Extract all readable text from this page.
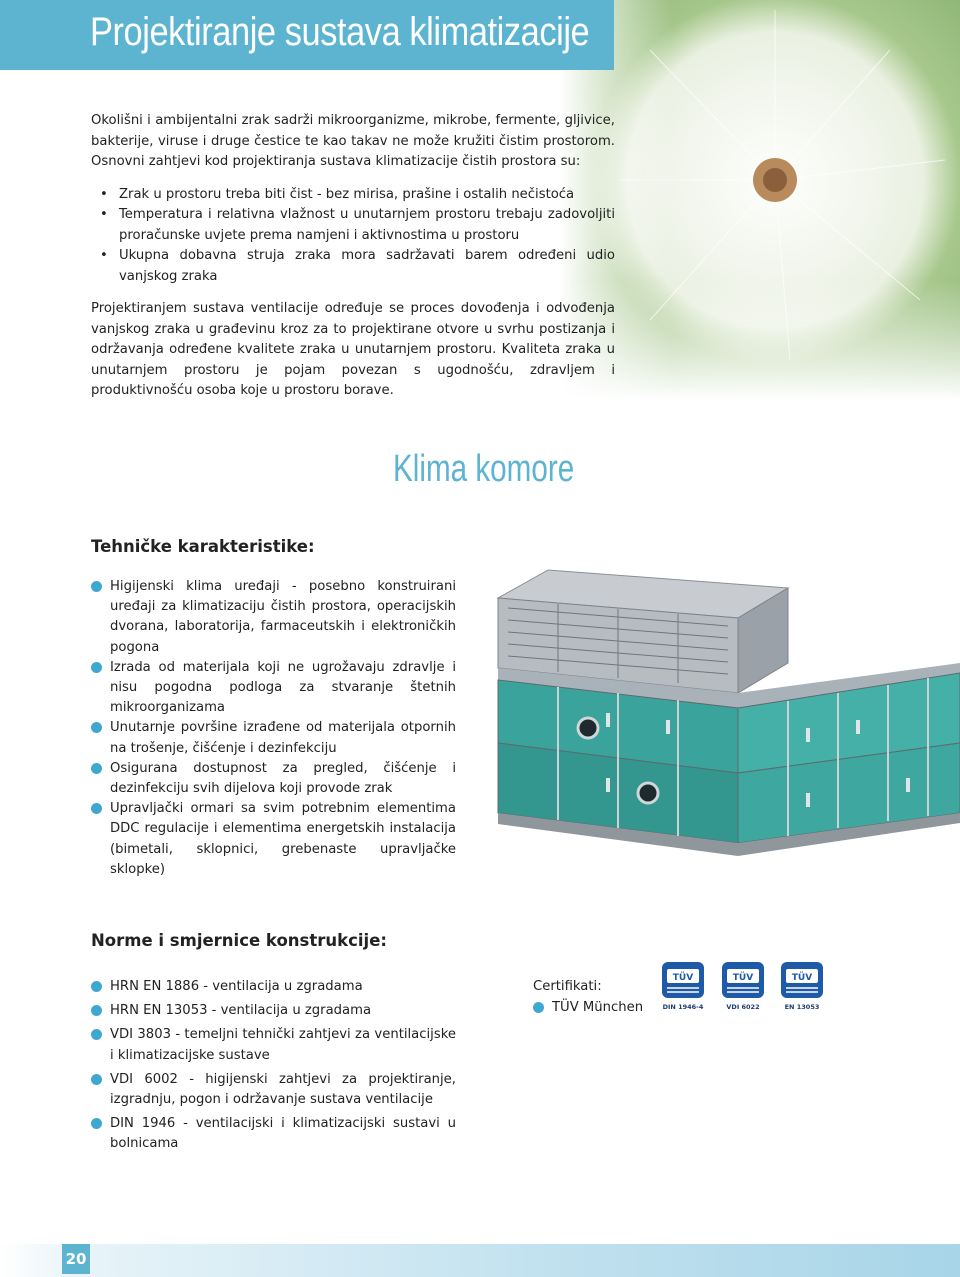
Projektiranje sustava klimatizacije

Okolišni i ambijentalni zrak sadrži mikroorganizme, mikrobe, fermente, gljivice, bakterije, viruse i druge čestice te kao takav ne može kružiti čistim prostorom. Osnovni zahtjevi kod projektiranja sustava klimatizacije čistih prostora su:

• Zrak u prostoru treba biti čist - bez mirisa, prašine i ostalih nečistoća
• Temperatura i relativna vlažnost u unutarnjem prostoru trebaju zadovoljiti proračunske uvjete prema namjeni i aktivnostima u prostoru
• Ukupna dobavna struja zraka mora sadržavati barem određeni udio vanjskog zraka

Projektiranjem sustava ventilacije određuje se proces dovođenja i odvođenja vanjskog zraka u građevinu kroz za to projektirane otvore u svrhu postizanja i održavanja određene kvalitete zraka u unutarnjem prostoru. Kvaliteta zraka u unutarnjem prostoru je pojam povezan s ugodnošću, zdravljem i produktivnošću osoba koje u prostoru borave.

Klima komore
Tehničke karakteristike:
Higijenski klima uređaji - posebno konstruirani uređaji za klimatizaciju čistih prostora, operacijskih dvorana, laboratorija, farmaceutskih i elektroničkih pogona
Izrada od materijala koji ne ugrožavaju zdravlje i nisu pogodna podloga za stvaranje štetnih mikroorganizama
Unutarnje površine izrađene od materijala otpornih na trošenje, čišćenje i dezinfekciju
Osigurana dostupnost za pregled, čišćenje i dezinfekciju svih dijelova koji provode zrak
Upravljački ormari sa svim potrebnim elementima DDC regulacije i elementima energetskih instalacija (bimetali, sklopnici, grebenaste upravljačke sklopke)
Norme i smjernice konstrukcije:
HRN EN 1886 - ventilacija u zgradama
HRN EN 13053 - ventilacija u zgradama
VDI 3803 - temeljni tehnički zahtjevi za ventilacijske i klimatizacijske sustave
VDI 6002 - higijenski zahtjevi za projektiranje, izgradnju, pogon i održavanje sustava ventilacije
DIN 1946 - ventilacijski i klimatizacijski sustavi u bolnicama
Certifikati:
TÜV München
TÜV
DIN 1946-4
TÜV
VDI 6022
TÜV
EN 13053
20
